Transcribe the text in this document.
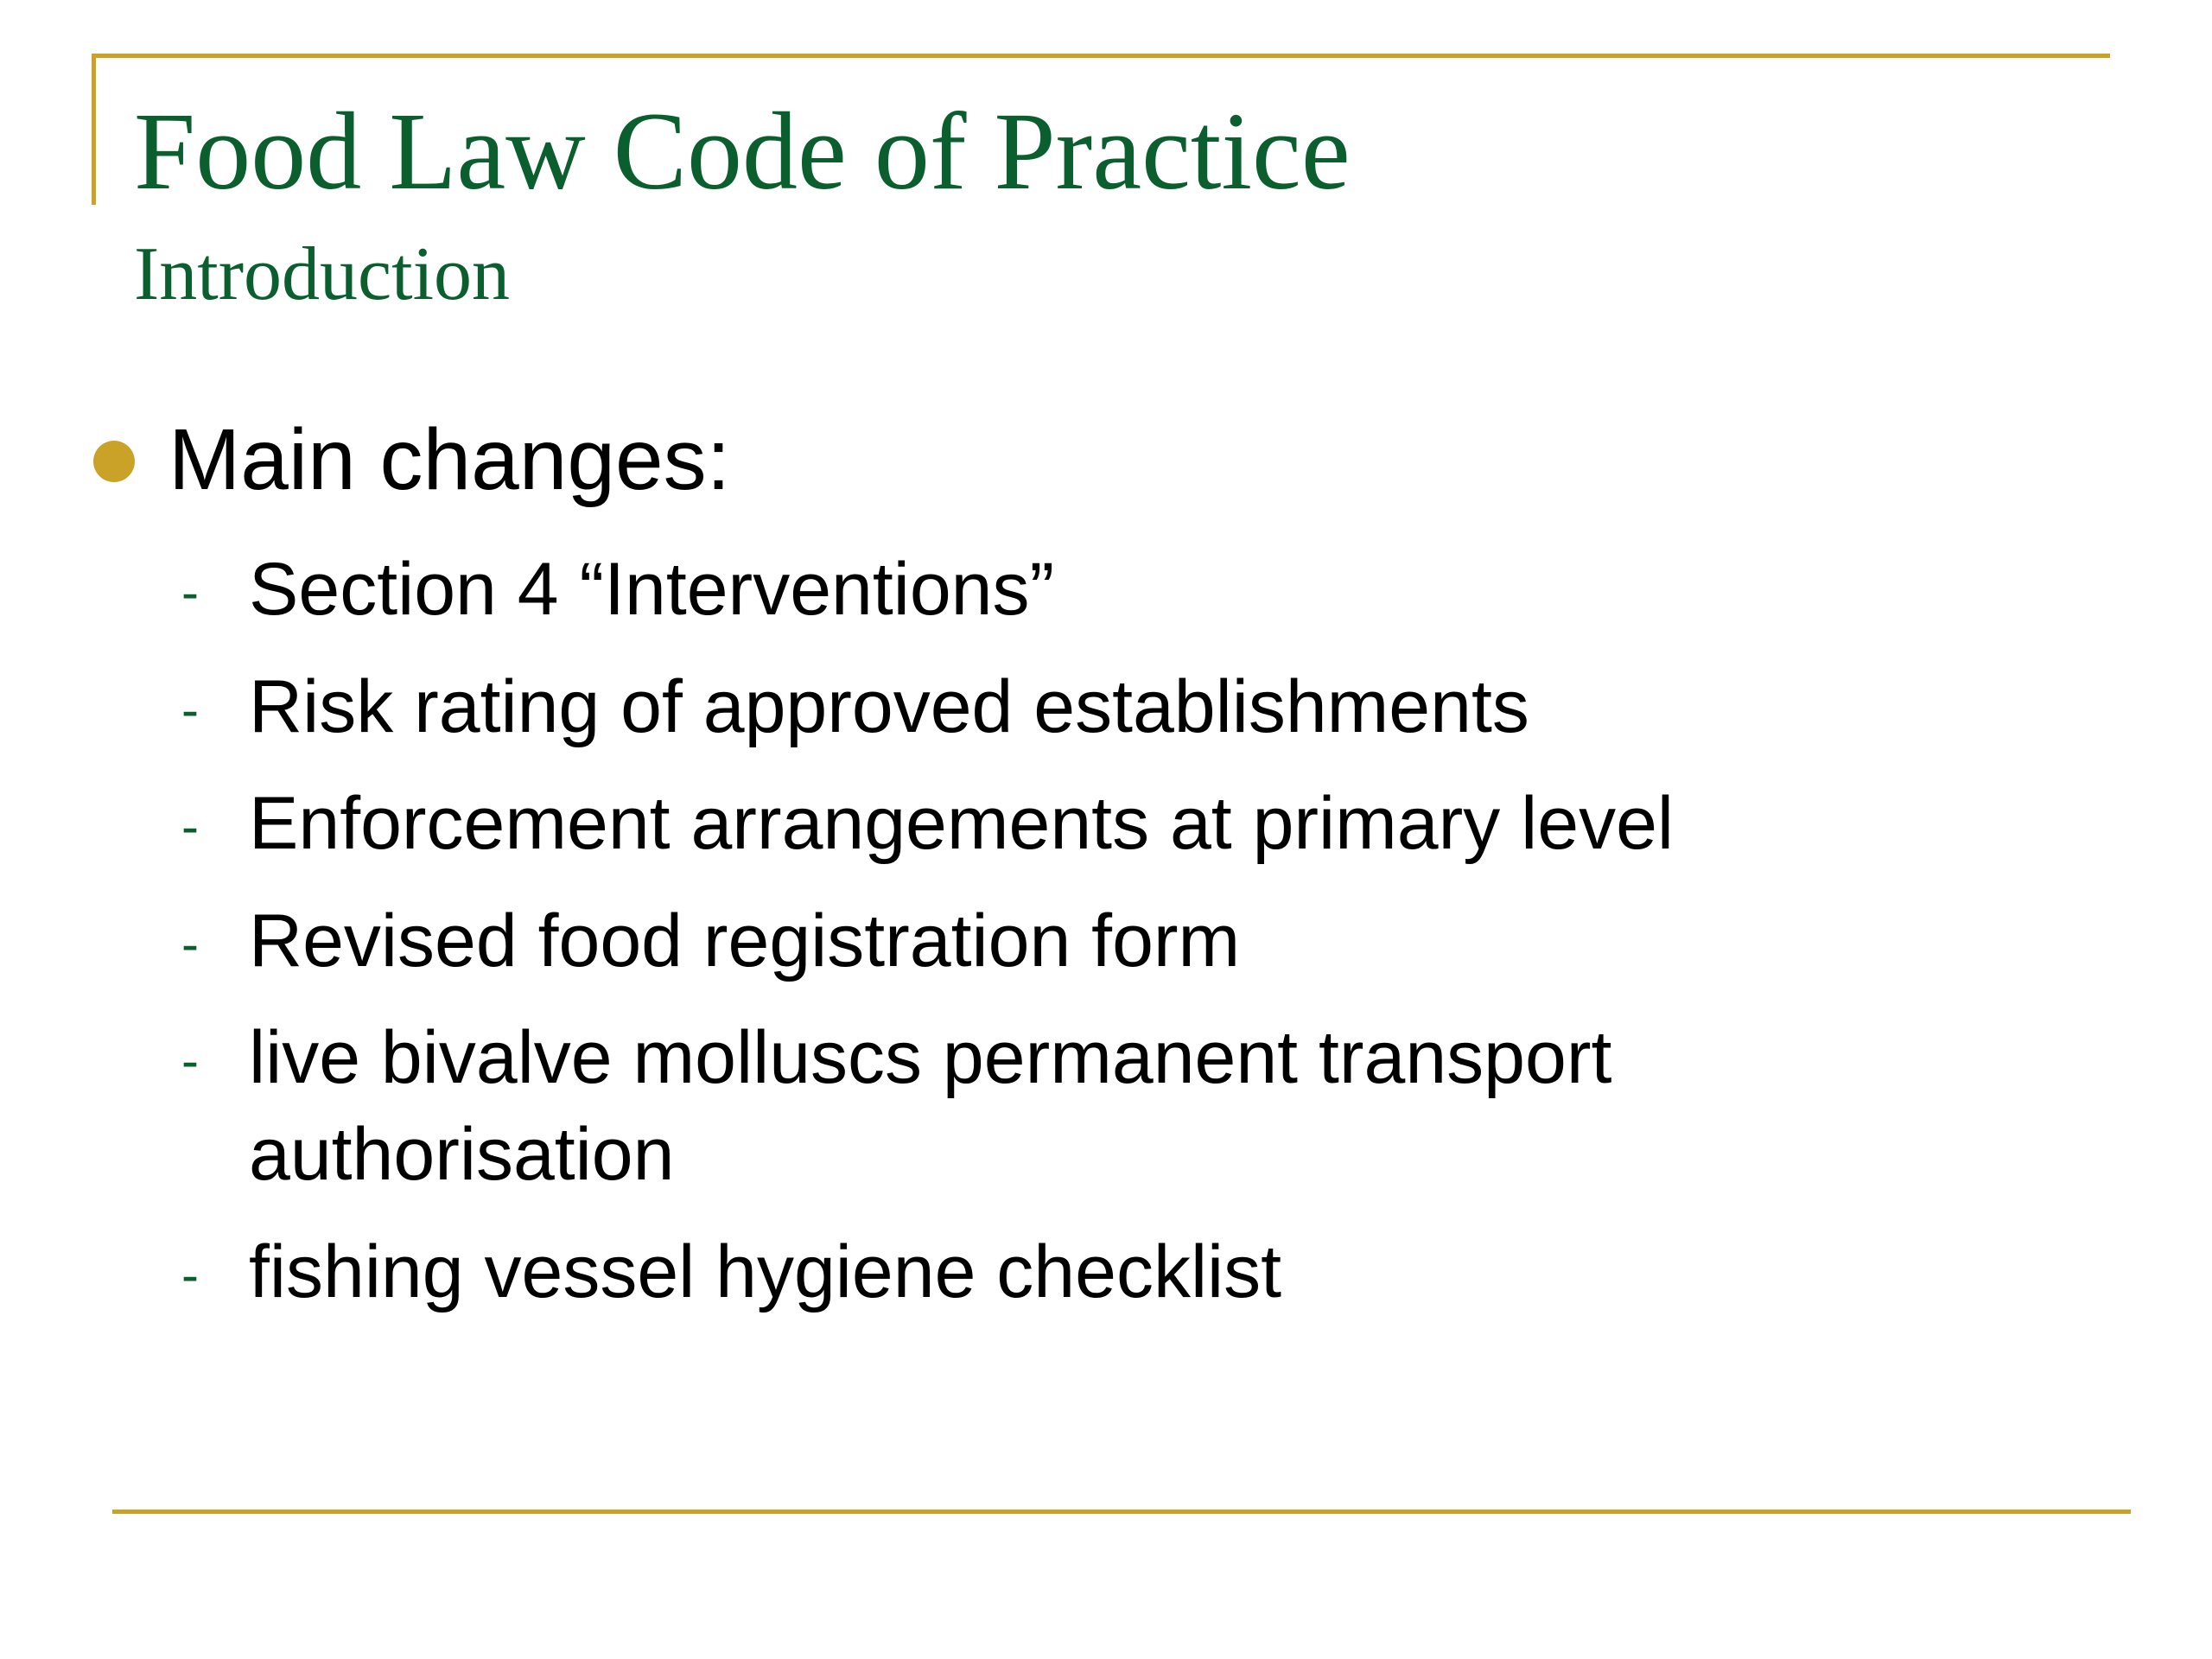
Food Law Code of Practice
Introduction
Main changes:
- Section 4 “Interventions”
- Risk rating of approved establishments
- Enforcement arrangements at primary level
- Revised food registration form
- live bivalve molluscs permanent transport authorisation
- fishing vessel hygiene checklist
